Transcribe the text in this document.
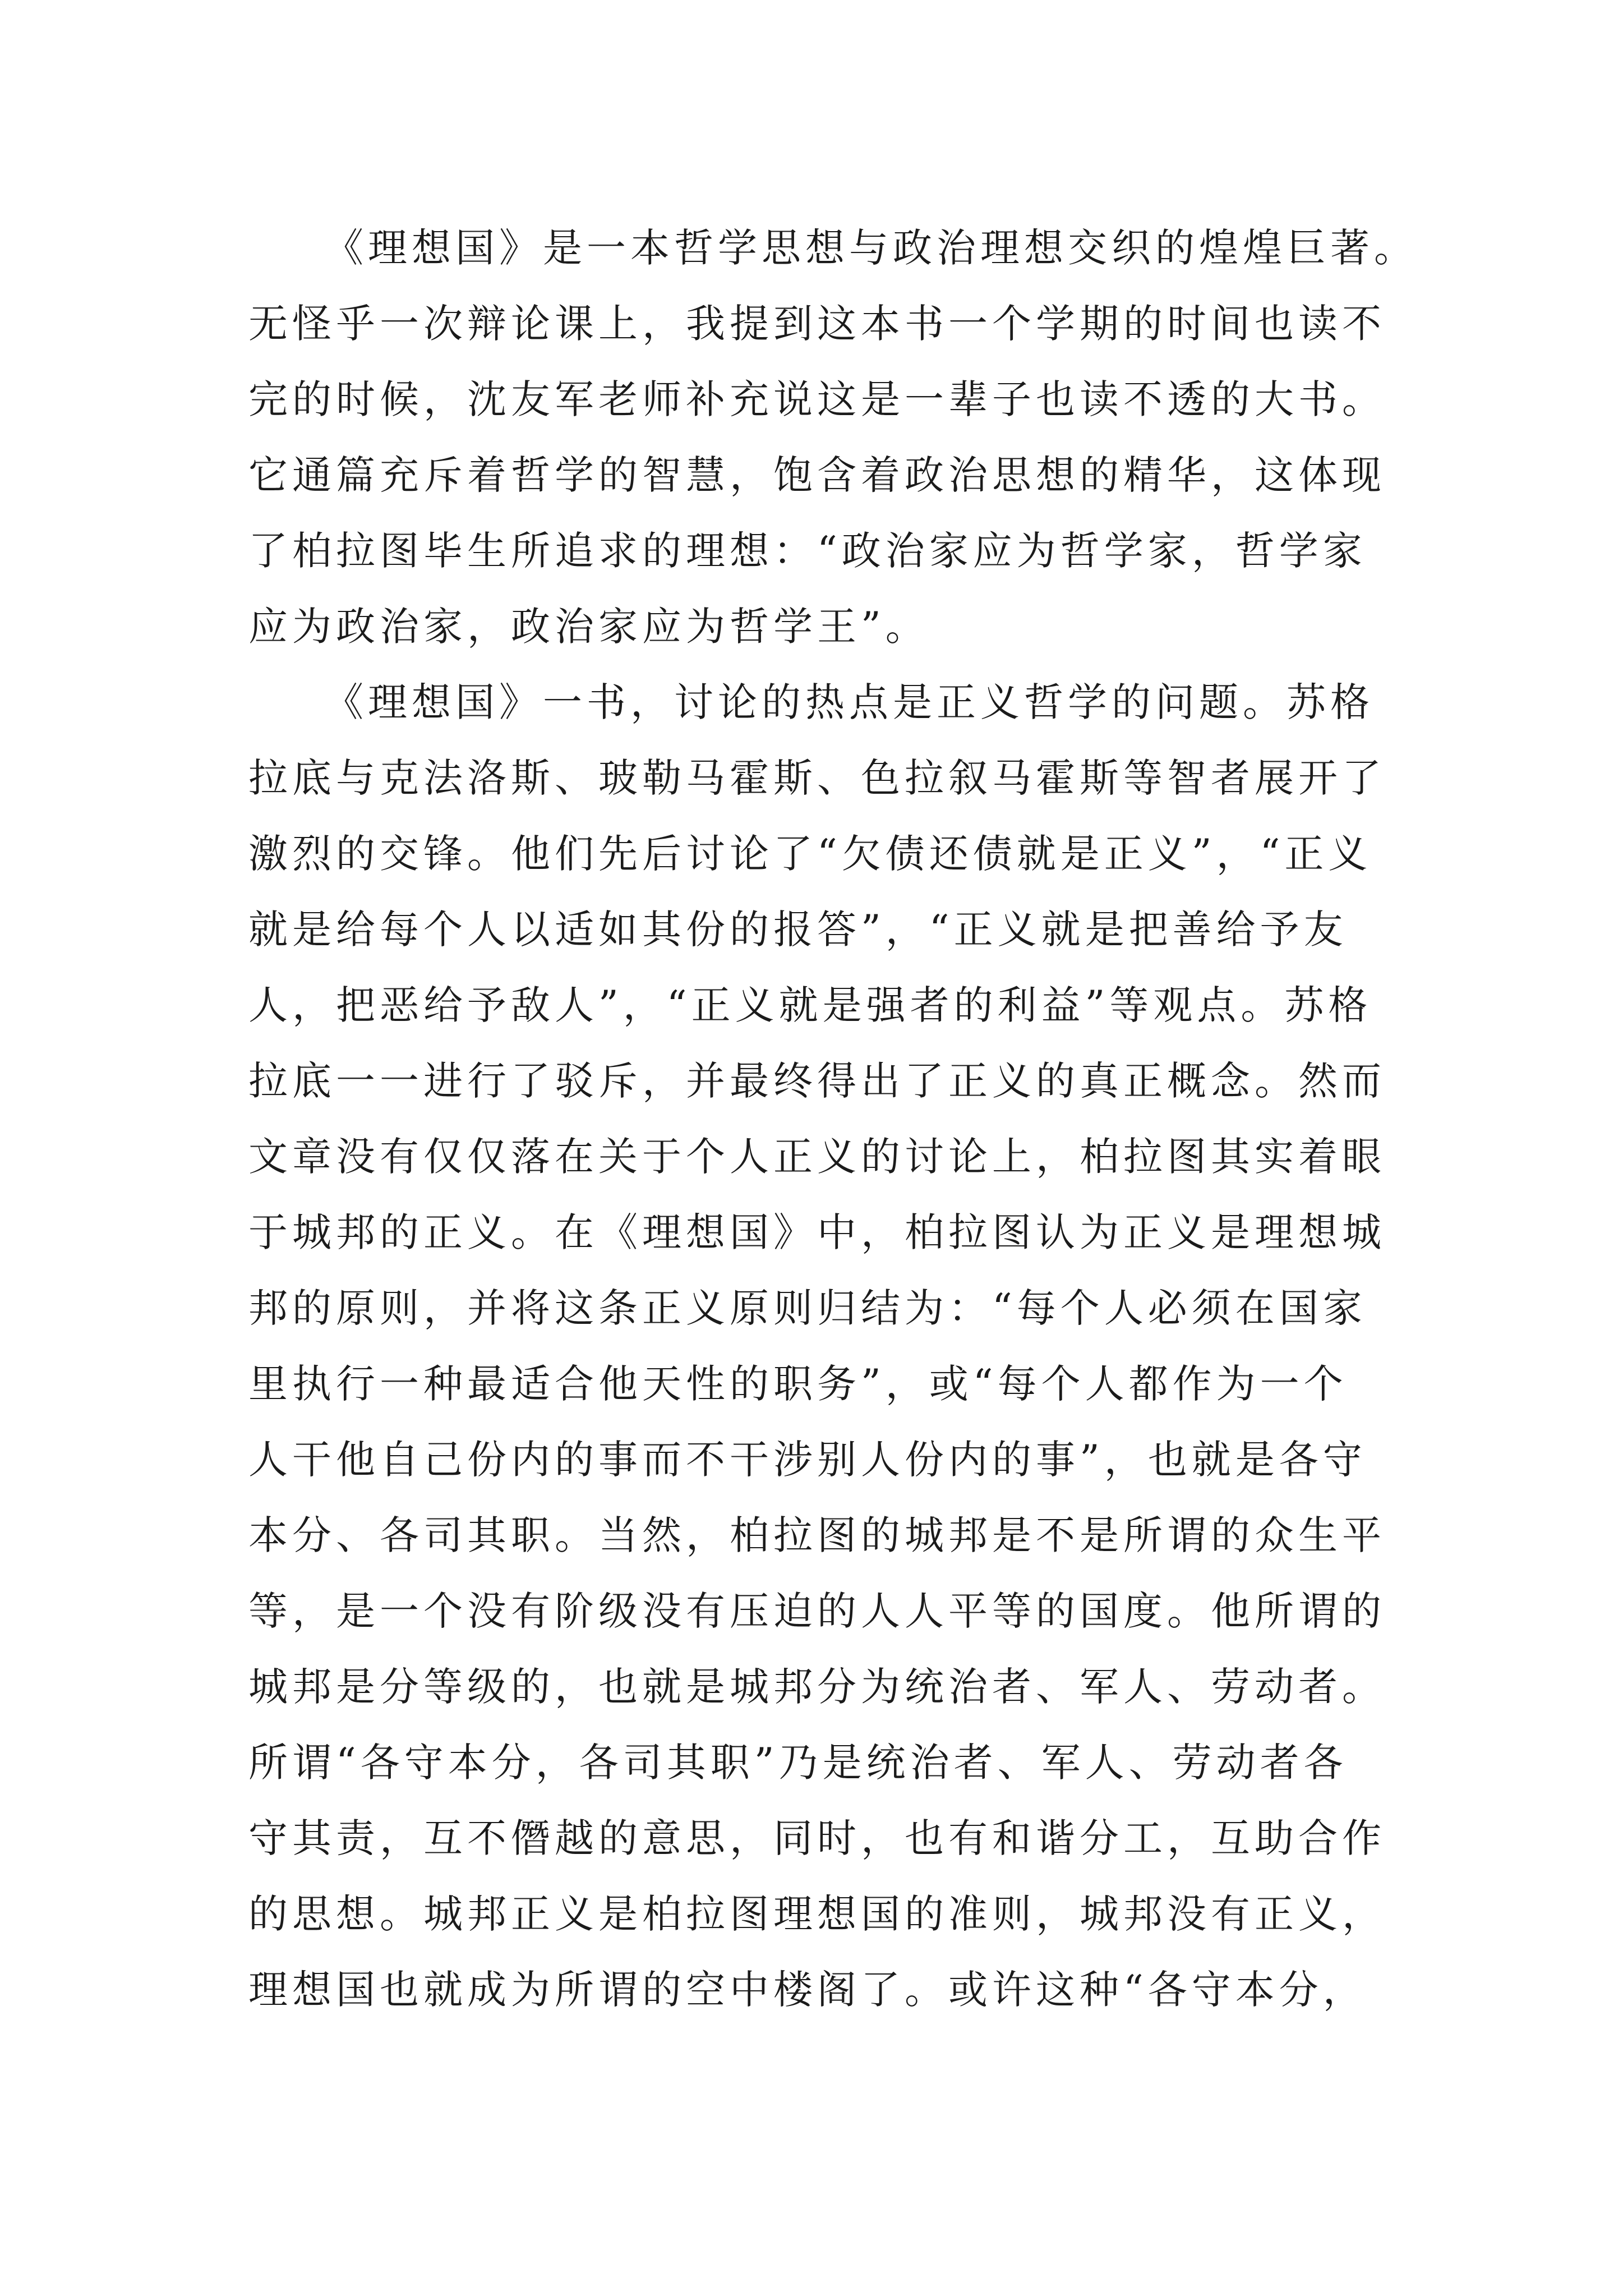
《理想国》是一本哲学思想与政治理想交织的煌煌巨著。
无怪乎一次辩论课上，我提到这本书一个学期的时间也读不
完的时候，沈友军老师补充说这是一辈子也读不透的大书。
它通篇充斥着哲学的智慧，饱含着政治思想的精华，这体现
了柏拉图毕生所追求的理想：“政治家应为哲学家，哲学家
应为政治家，政治家应为哲学王”。
《理想国》一书，讨论的热点是正义哲学的问题。苏格
拉底与克法洛斯、玻勒马霍斯、色拉叙马霍斯等智者展开了
激烈的交锋。他们先后讨论了“欠债还债就是正义”，“正义
就是给每个人以适如其份的报答”，“正义就是把善给予友
人，把恶给予敌人”，“正义就是强者的利益”等观点。苏格
拉底一一进行了驳斥，并最终得出了正义的真正概念。然而
文章没有仅仅落在关于个人正义的讨论上，柏拉图其实着眼
于城邦的正义。在《理想国》中，柏拉图认为正义是理想城
邦的原则，并将这条正义原则归结为：“每个人必须在国家
里执行一种最适合他天性的职务”，或“每个人都作为一个
人干他自己份内的事而不干涉别人份内的事”，也就是各守
本分、各司其职。当然，柏拉图的城邦是不是所谓的众生平
等，是一个没有阶级没有压迫的人人平等的国度。他所谓的
城邦是分等级的，也就是城邦分为统治者、军人、劳动者。
所谓“各守本分，各司其职”乃是统治者、军人、劳动者各
守其责，互不僭越的意思，同时，也有和谐分工，互助合作
的思想。城邦正义是柏拉图理想国的准则，城邦没有正义，
理想国也就成为所谓的空中楼阁了。或许这种“各守本分，
